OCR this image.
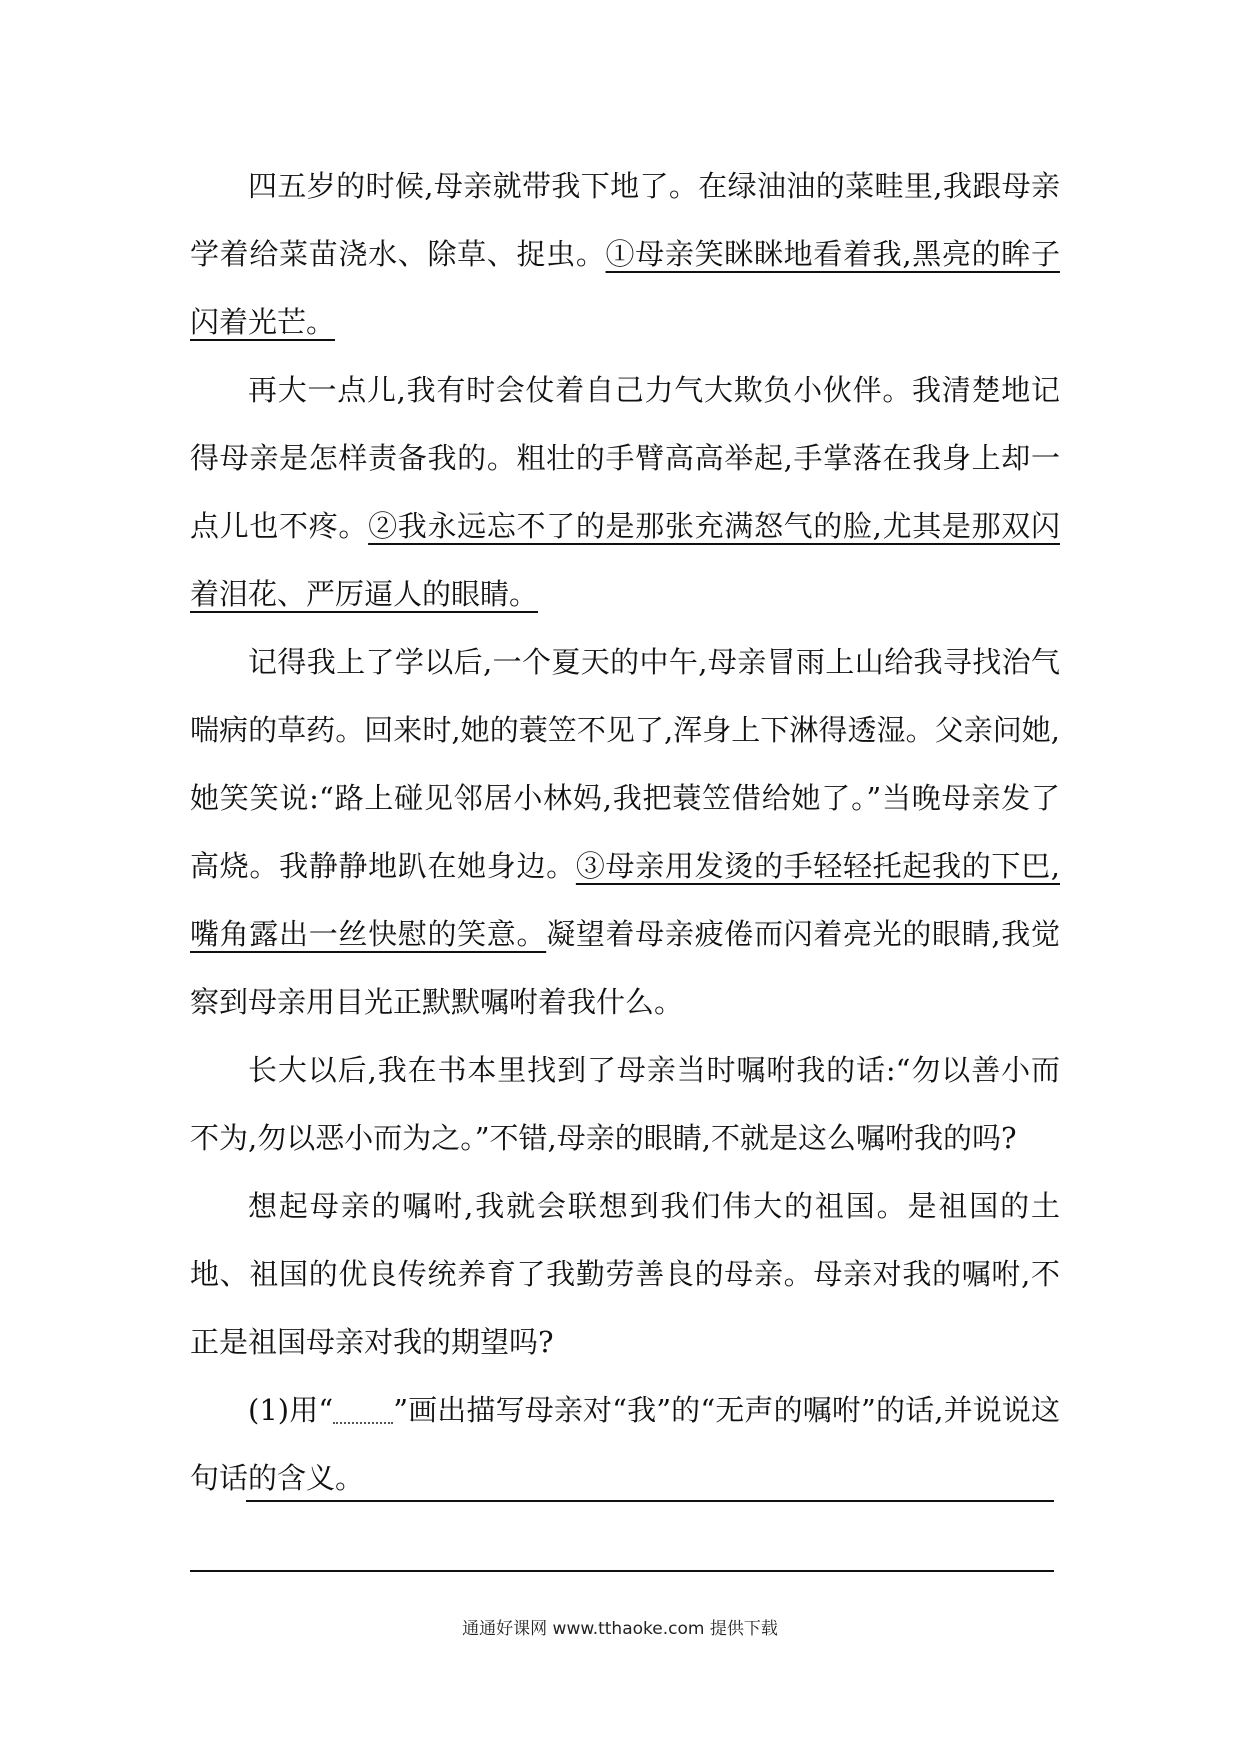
四五岁的时候,母亲就带我下地了。在绿油油的菜畦里,我跟母亲学着给菜苗浇水、除草、捉虫。①母亲笑眯眯地看着我,黑亮的眸子闪着光芒。

再大一点儿,我有时会仗着自己力气大欺负小伙伴。我清楚地记得母亲是怎样责备我的。粗壮的手臂高高举起,手掌落在我身上却一点儿也不疼。②我永远忘不了的是那张充满怒气的脸,尤其是那双闪着泪花、严厉逼人的眼睛。

记得我上了学以后,一个夏天的中午,母亲冒雨上山给我寻找治气喘病的草药。回来时,她的蓑笠不见了,浑身上下淋得透湿。父亲问她,她笑笑说:“路上碰见邻居小林妈,我把蓑笠借给她了。”当晚母亲发了高烧。我静静地趴在她身边。③母亲用发烫的手轻轻托起我的下巴,嘴角露出一丝快慰的笑意。凝望着母亲疲倦而闪着亮光的眼睛,我觉察到母亲用目光正默默嘱咐着我什么。

长大以后,我在书本里找到了母亲当时嘱咐我的话:“勿以善小而不为,勿以恶小而为之。”不错,母亲的眼睛,不就是这么嘱咐我的吗?

想起母亲的嘱咐,我就会联想到我们伟大的祖国。是祖国的土地、祖国的优良传统养育了我勤劳善良的母亲。母亲对我的嘱咐,不正是祖国母亲对我的期望吗?

(1)用“ ”画出描写母亲对“我”的“无声的嘱咐”的话,并说说这句话的含义。

通通好课网 www.tthaoke.com 提供下载
